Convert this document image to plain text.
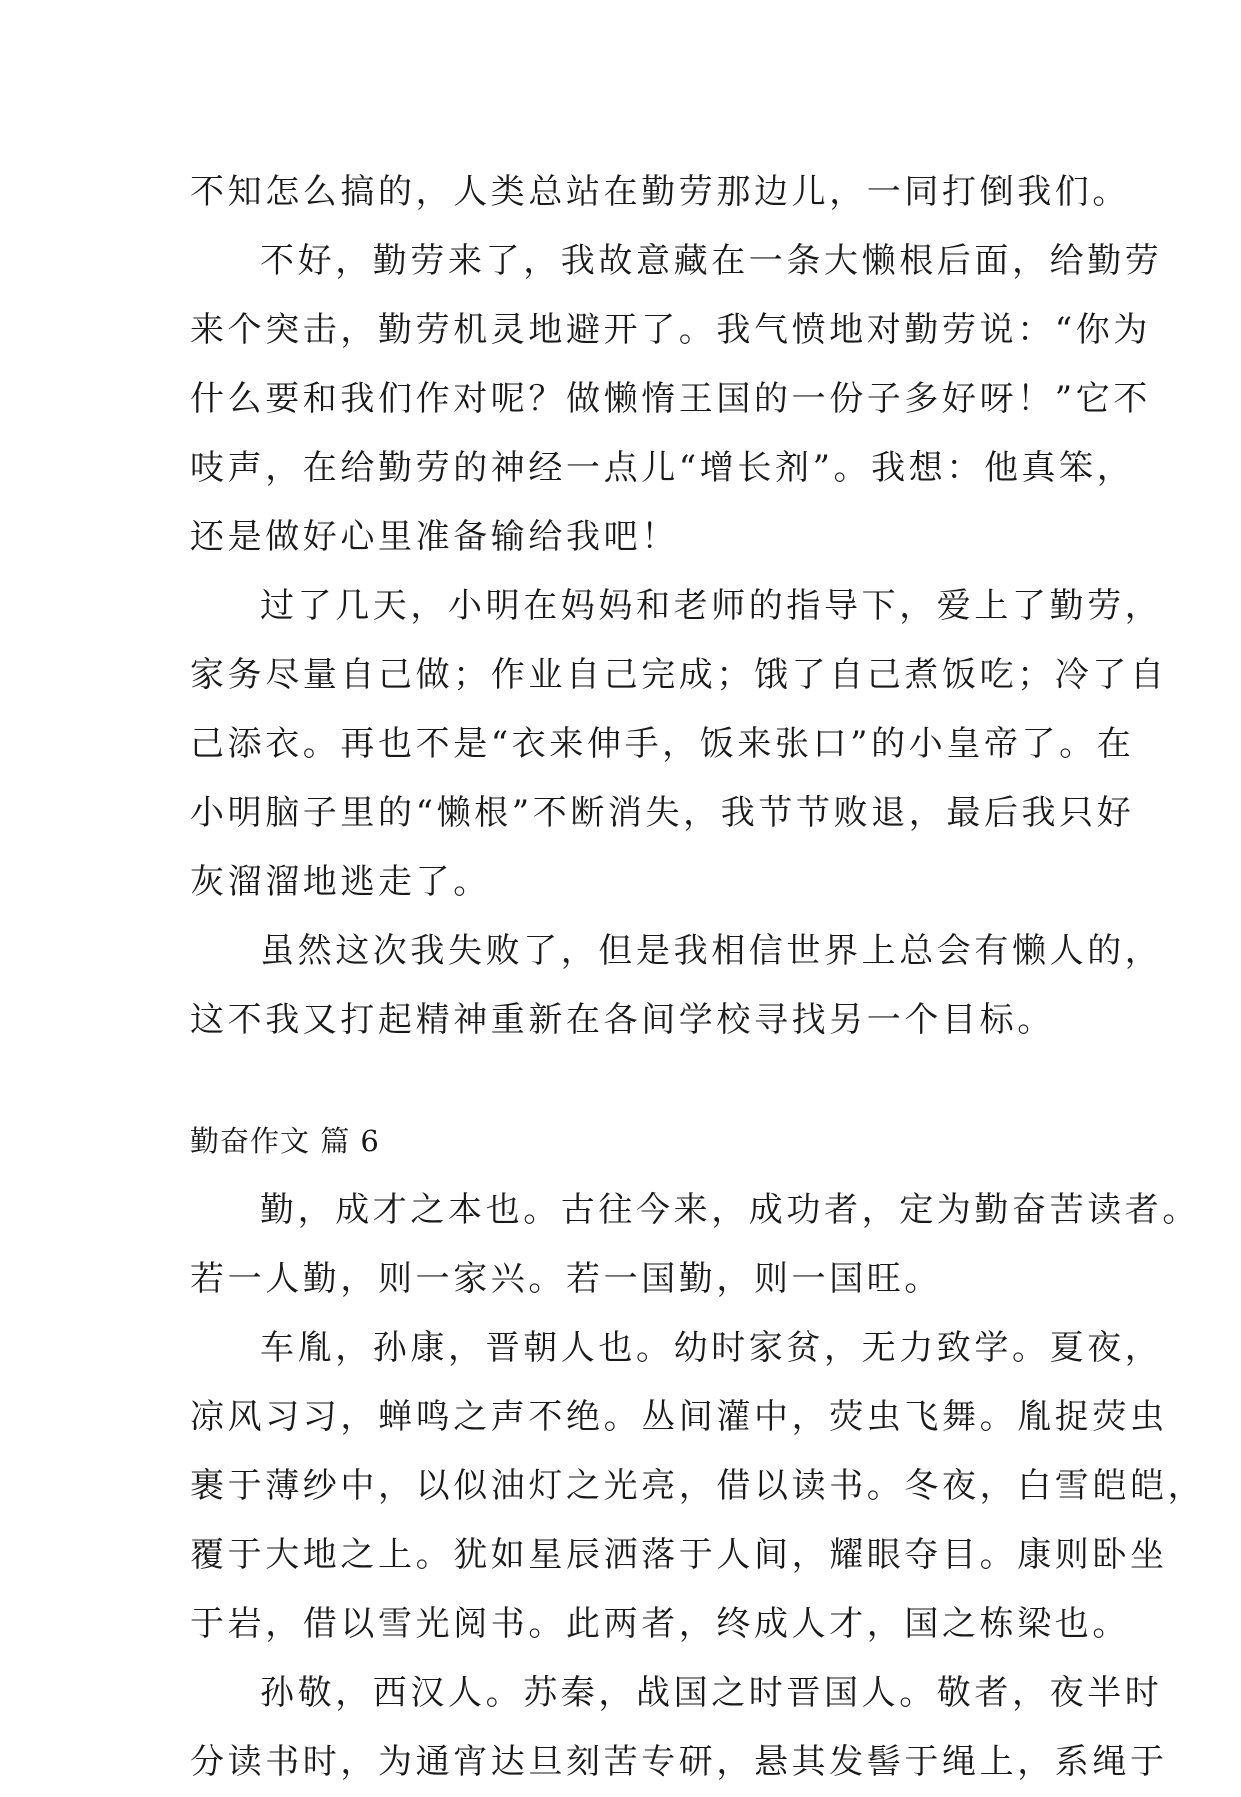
不知怎么搞的，人类总站在勤劳那边儿，一同打倒我们。
不好，勤劳来了，我故意藏在一条大懒根后面，给勤劳
来个突击，勤劳机灵地避开了。我气愤地对勤劳说：“你为
什么要和我们作对呢？做懒惰王国的一份子多好呀！”它不
吱声，在给勤劳的神经一点儿“增长剂”。我想：他真笨，
还是做好心里准备输给我吧！
过了几天，小明在妈妈和老师的指导下，爱上了勤劳，
家务尽量自己做；作业自己完成；饿了自己煮饭吃；冷了自
己添衣。再也不是“衣来伸手，饭来张口”的小皇帝了。在
小明脑子里的“懒根”不断消失，我节节败退，最后我只好
灰溜溜地逃走了。
虽然这次我失败了，但是我相信世界上总会有懒人的，
这不我又打起精神重新在各间学校寻找另一个目标。
勤奋作文 篇 6
勤，成才之本也。古往今来，成功者，定为勤奋苦读者。
若一人勤，则一家兴。若一国勤，则一国旺。
车胤，孙康，晋朝人也。幼时家贫，无力致学。夏夜，
凉风习习，蝉鸣之声不绝。丛间灌中，荧虫飞舞。胤捉荧虫
裹于薄纱中，以似油灯之光亮，借以读书。冬夜，白雪皑皑，
覆于大地之上。犹如星辰洒落于人间，耀眼夺目。康则卧坐
于岩，借以雪光阅书。此两者，终成人才，国之栋梁也。
孙敬，西汉人。苏秦，战国之时晋国人。敬者，夜半时
分读书时，为通宵达旦刻苦专研，悬其发髻于绳上，系绳于
